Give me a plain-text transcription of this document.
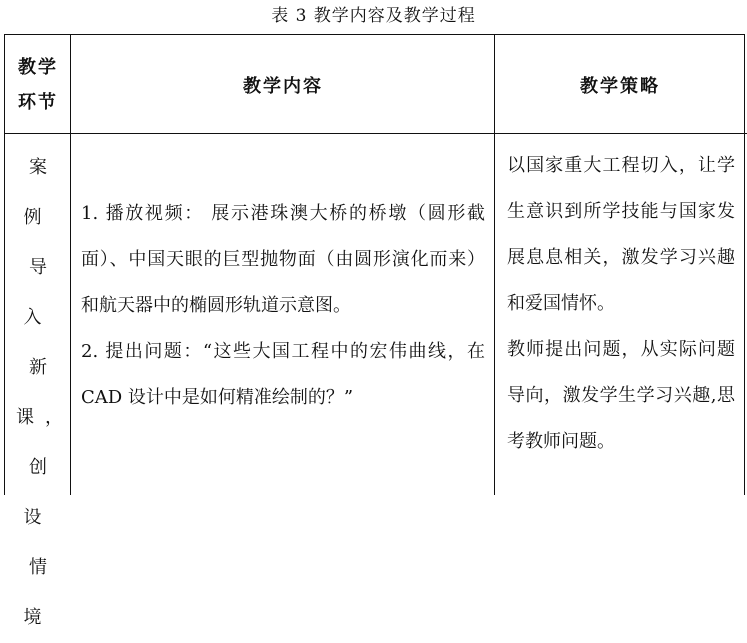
表 3 教学内容及教学过程
教学
环节
教学内容	教学策略
案 例
导 入
新
课，
创 设
情境

1. 播放视频： 展示港珠澳大桥的桥墩（圆形截面）、中国天眼的巨型抛物面（由圆形演化而来）和航天器中的椭圆形轨道示意图。

2. 提出问题：“这些大国工程中的宏伟曲线，在 CAD 设计中是如何精准绘制的？”

以国家重大工程切入，让学生意识到所学技能与国家发展息息相关，激发学习兴趣和爱国情怀。

教师提出问题，从实际问题导向，激发学生学习兴趣,思考教师问题。
